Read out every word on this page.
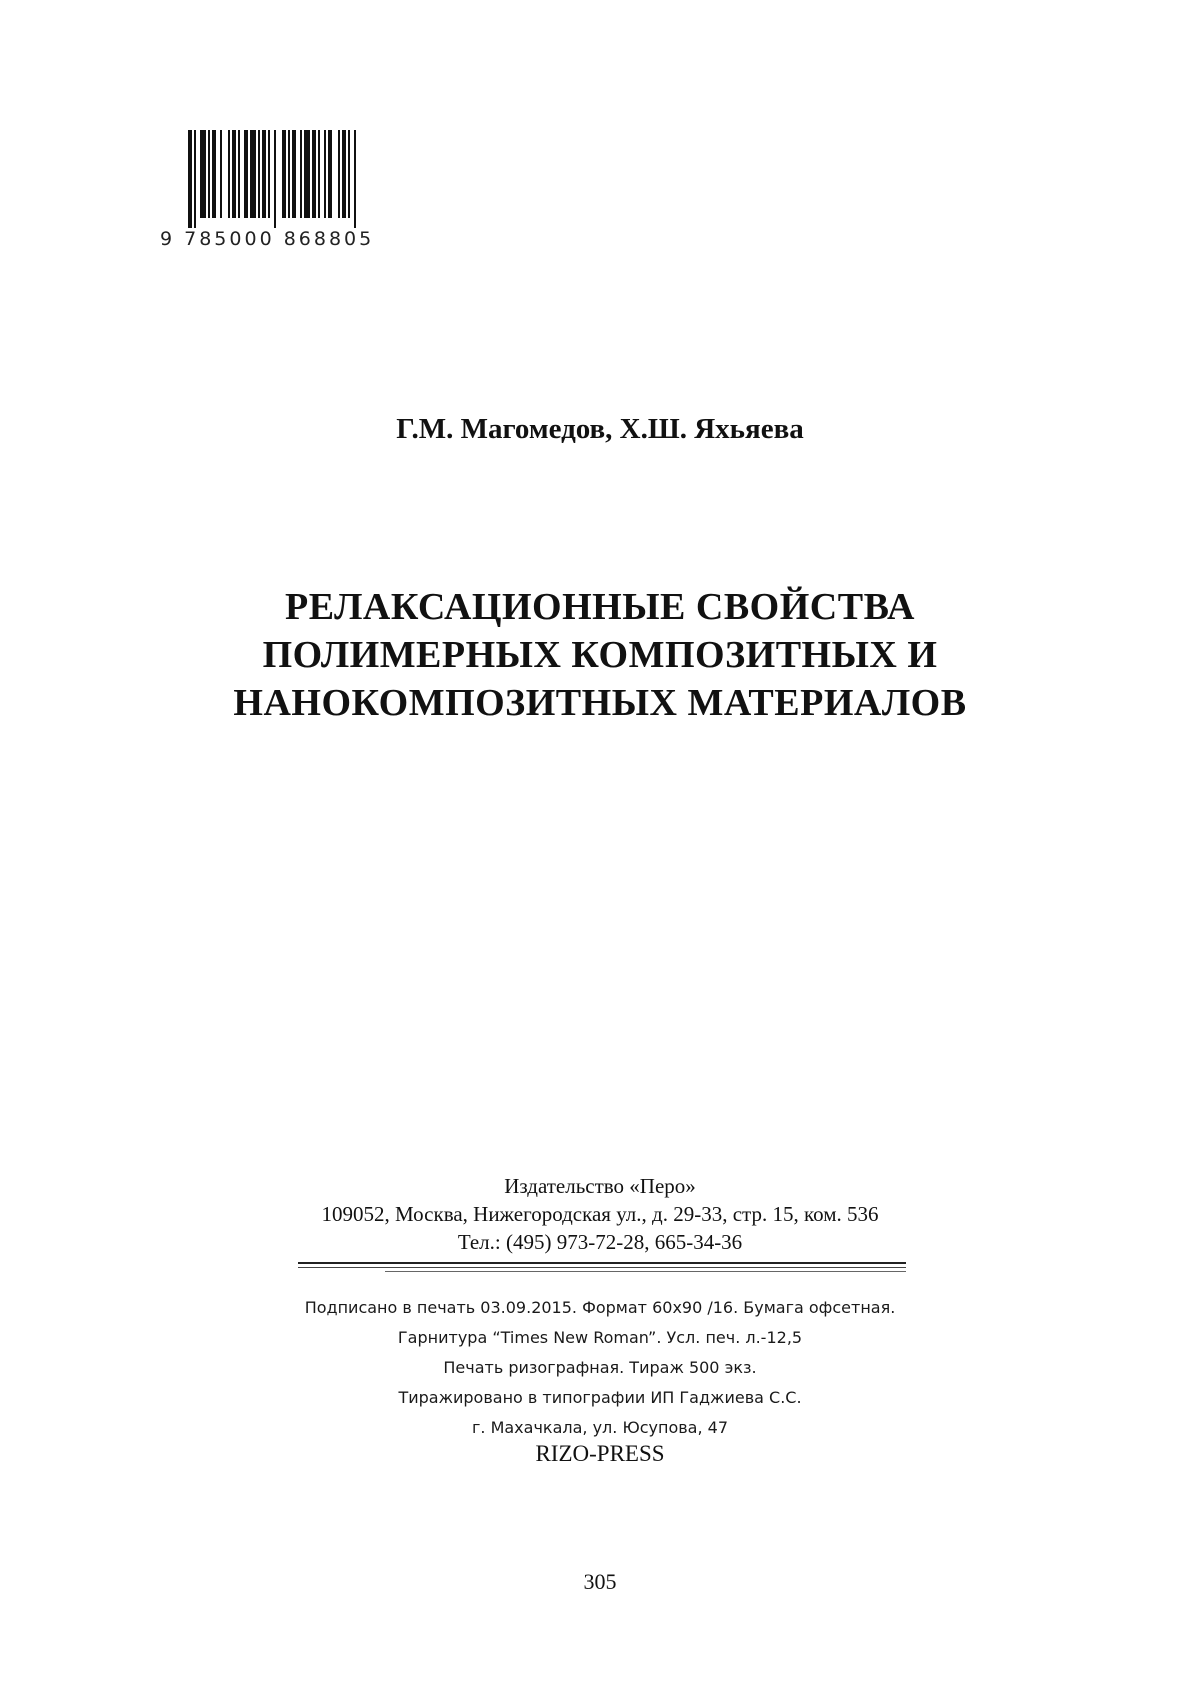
9 785000 868805
Г.М. Магомедов, Х.Ш. Яхьяева
РЕЛАКСАЦИОННЫЕ СВОЙСТВА
ПОЛИМЕРНЫХ КОМПОЗИТНЫХ И
НАНОКОМПОЗИТНЫХ МАТЕРИАЛОВ
Издательство «Перо»
109052, Москва, Нижегородская ул., д. 29-33, стр. 15, ком. 536
Тел.: (495) 973-72-28, 665-34-36
Подписано в печать 03.09.2015. Формат 60х90 /16. Бумага офсетная.
Гарнитура “Times New Roman”. Усл. печ. л.-12,5
Печать ризографная. Тираж 500 экз.
Тиражировано в типографии ИП Гаджиева С.С.
г. Махачкала, ул. Юсупова, 47
RIZO-PRESS
305
